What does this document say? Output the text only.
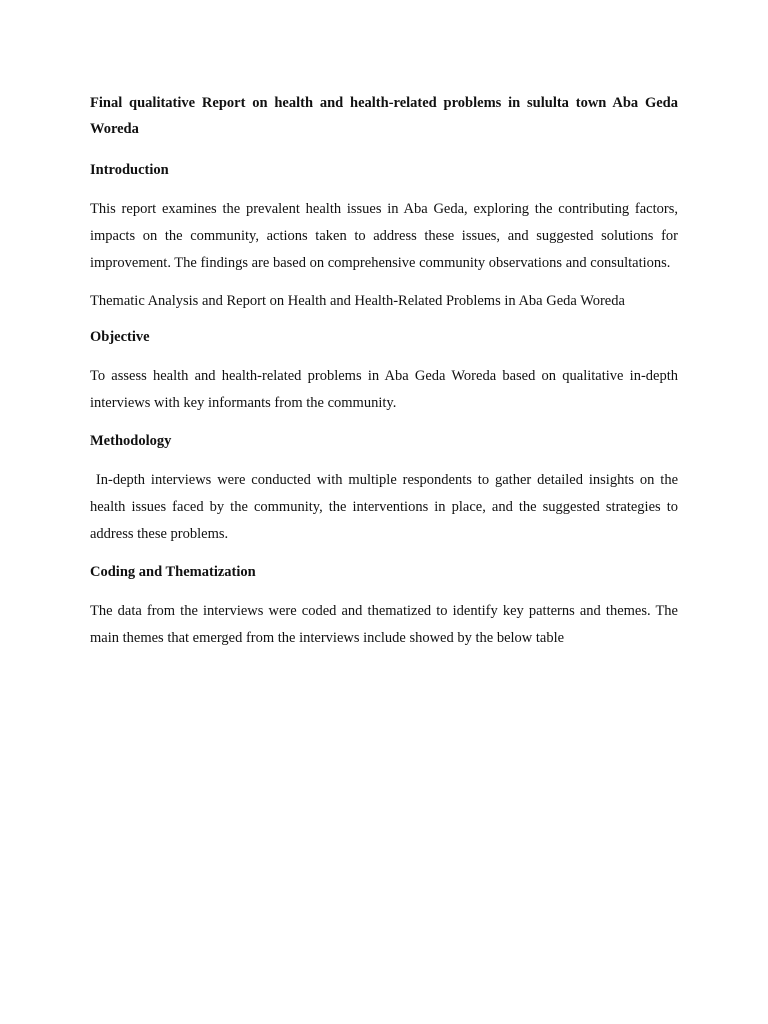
Final qualitative Report on health and health-related problems in sululta town Aba Geda Woreda

Introduction

This report examines the prevalent health issues in Aba Geda, exploring the contributing factors, impacts on the community, actions taken to address these issues, and suggested solutions for improvement. The findings are based on comprehensive community observations and consultations.

Thematic Analysis and Report on Health and Health-Related Problems in Aba Geda Woreda

Objective

To assess health and health-related problems in Aba Geda Woreda based on qualitative in-depth interviews with key informants from the community.

Methodology

In-depth interviews were conducted with multiple respondents to gather detailed insights on the health issues faced by the community, the interventions in place, and the suggested strategies to address these problems.

Coding and Thematization

The data from the interviews were coded and thematized to identify key patterns and themes. The main themes that emerged from the interviews include showed by the below table
